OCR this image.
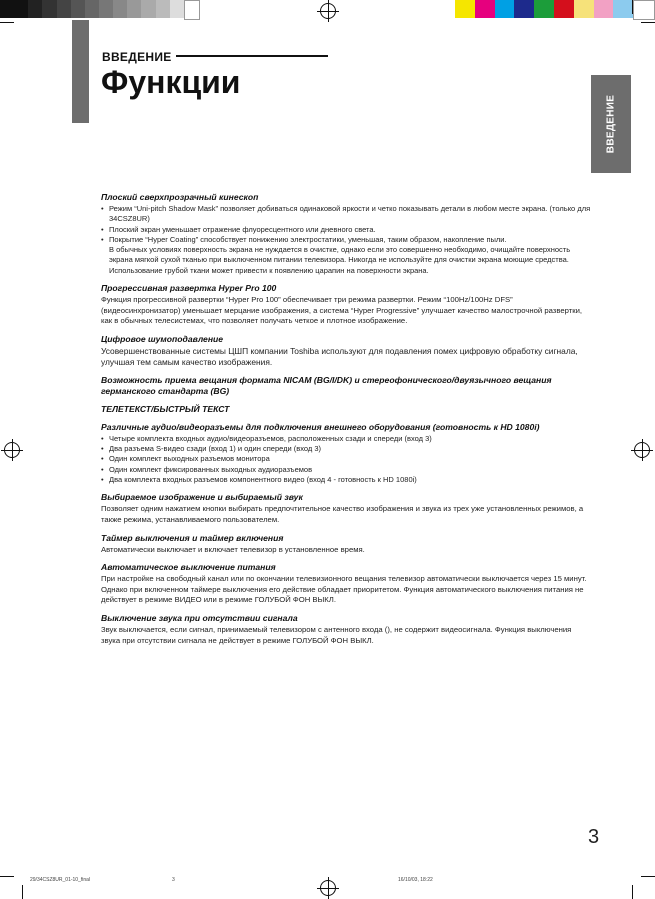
ВВЕДЕНИЕ
Функции
ВВЕДЕНИЕ
Плоский сверхпрозрачный кинескоп
• Режим “Uni-pitch Shadow Mask” позволяет добиваться одинаковой яркости и четко показывать детали в любом месте экрана. (только для 34CSZ8UR)
• Плоский экран уменьшает отражение флуоресцентного или дневного света.
• Покрытие “Hyper Coating” способствует понижению электростатики, уменьшая, таким образом, накопление пыли.
В обычных условиях поверхность экрана не нуждается в очистке, однако если это совершенно необходимо, очищайте поверхность экрана мягкой сухой тканью при выключенном питании телевизора. Никогда не используйте для очистки экрана моющие средства. Использование грубой ткани может привести к появлению царапин на поверхности экрана.
Прогрессивная развертка Hyper Pro 100

Функция прогрессивной развертки “Hyper Pro 100” обеспечивает три режима развертки. Режим “100Hz/100Hz DFS” (видеосинхронизатор) уменьшает мерцание изображения, а система “Hyper Progressive” улучшает качество малострочной развертки, как в обычных телесистемах, что позволяет получать четкое и плотное изображение.

Цифровое шумоподавление

Усовершенствованные системы ЦШП компании Toshiba используют для подавления помех цифровую обработку сигнала, улучшая тем самым качество изображения.

Возможность приема вещания формата NICAM (BG/I/DK) и стереофонического/двуязычного вещания германского стандарта (BG)
ТЕЛЕТЕКСТ/БЫСТРЫЙ ТЕКСТ
Различные аудио/видеоразъемы для подключения внешнего оборудования (готовность к HD 1080i)
• Четыре комплекта входных аудио/видеоразъемов, расположенных сзади и спереди (вход 3)
• Два разъема S-видео сзади (вход 1) и один спереди (вход 3)
• Один комплект выходных разъемов монитора
• Один комплект фиксированных выходных аудиоразъемов
• Два комплекта входных разъемов компонентного видео (вход 4 - готовность к HD 1080i)
Выбираемое изображение и выбираемый звук

Позволяет одним нажатием кнопки выбирать предпочтительное качество изображения и звука из трех уже установленных режимов, а также режима, устанавливаемого пользователем.

Таймер выключения и таймер включения

Автоматически выключает и включает телевизор в установленное время.

Автоматическое выключение питания

При настройке на свободный канал или по окончании телевизионного вещания телевизор автоматически выключается через 15 минут. Однако при включенном таймере выключения его действие обладает приоритетом. Функция автоматического выключения питания не действует в режиме ВИДЕО или в режиме ГОЛУБОЙ ФОН ВЫКЛ.

Выключение звука при отсутствии сигнала

Звук выключается, если сигнал, принимаемый телевизором с антенного входа (), не содержит видеосигнала. Функция выключения звука при отсутствии сигнала не действует в режиме ГОЛУБОЙ ФОН ВЫКЛ.

3
29/34CSZ8UR_01-10_final	3	16/10/03, 18:22
